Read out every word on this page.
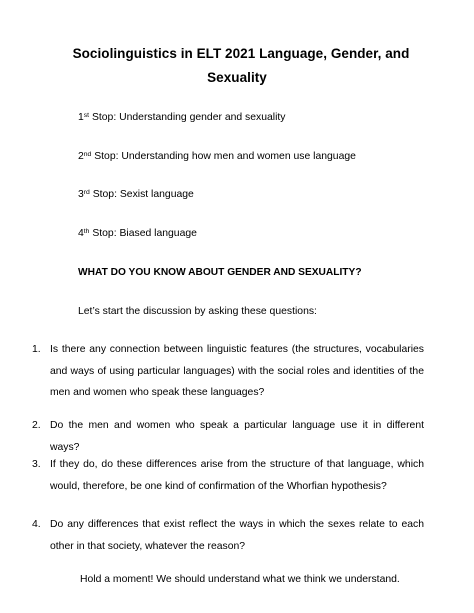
Sociolinguistics in ELT 2021 Language, Gender, and
Sexuality
1st Stop: Understanding gender and sexuality
2nd Stop: Understanding how men and women use language
3rd Stop: Sexist language
4th Stop: Biased language
WHAT DO YOU KNOW ABOUT GENDER AND SEXUALITY?
Let’s start the discussion by asking these questions:
1. Is there any connection between linguistic features (the structures, vocabularies and ways of using particular languages) with the social roles and identities of the men and women who speak these languages?
2. Do the men and women who speak a particular language use it in different ways?
3. If they do, do these differences arise from the structure of that language, which would, therefore, be one kind of confirmation of the Whorfian hypothesis?
4. Do any differences that exist reflect the ways in which the sexes relate to each other in that society, whatever the reason?
Hold a moment! We should understand what we think we understand.
